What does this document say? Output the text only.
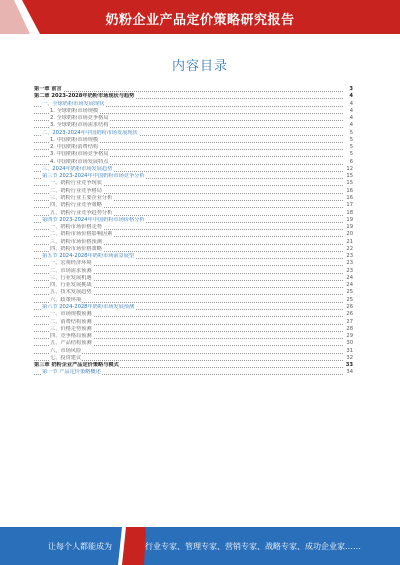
奶粉企业产品定价策略研究报告
内容目录
第一章 前言	3
第二章 2023-2028年奶粉市场现状与趋势	4
一、全球奶粉市场发展现状	4
1. 全球奶粉市场规模	4
2. 全球奶粉市场竞争格局	4
3. 全球奶粉市场需求结构	4
二、2023-2024年中国奶粉市场发展现状	5
1. 中国奶粉市场规模	5
2. 中国奶粉消费结构	5
3. 中国奶粉市场竞争格局	5
4. 中国奶粉市场发展特点	6
三、2024年奶粉市场发展趋势	12
第三节 2023-2024年中国奶粉市场竞争分析	15
一、奶粉行业竞争现状	15
二、奶粉行业竞争格局	16
三、奶粉行业主要企业分析	16
四、奶粉行业竞争策略	17
五、奶粉行业竞争趋势分析	18
第四节 2023-2024年中国奶粉市场价格分析	19
一、奶粉市场价格走势	19
二、奶粉市场价格影响因素	20
三、奶粉市场价格预测	21
四、奶粉市场价格策略	22
第五节 2024-2028年奶粉市场前景展望	23
一、宏观经济环境	23
二、市场需求预测	23
三、行业发展机遇	24
四、行业发展挑战	24
五、技术发展趋势	25
六、政策环境	25
第六节 2024-2028年奶粉市场发展预测	26
一、市场规模预测	26
二、消费结构预测	27
三、价格走势预测	28
四、竞争格局预测	29
五、产品结构预测	30
六、市场风险	31
七、投资建议	32
第三章 奶粉企业产品定价策略与模式	33
第一节 产品定价策略概述	34
让每个人都能成为	行业专家、管理专家、营销专家、战略专家、成功企业家……
